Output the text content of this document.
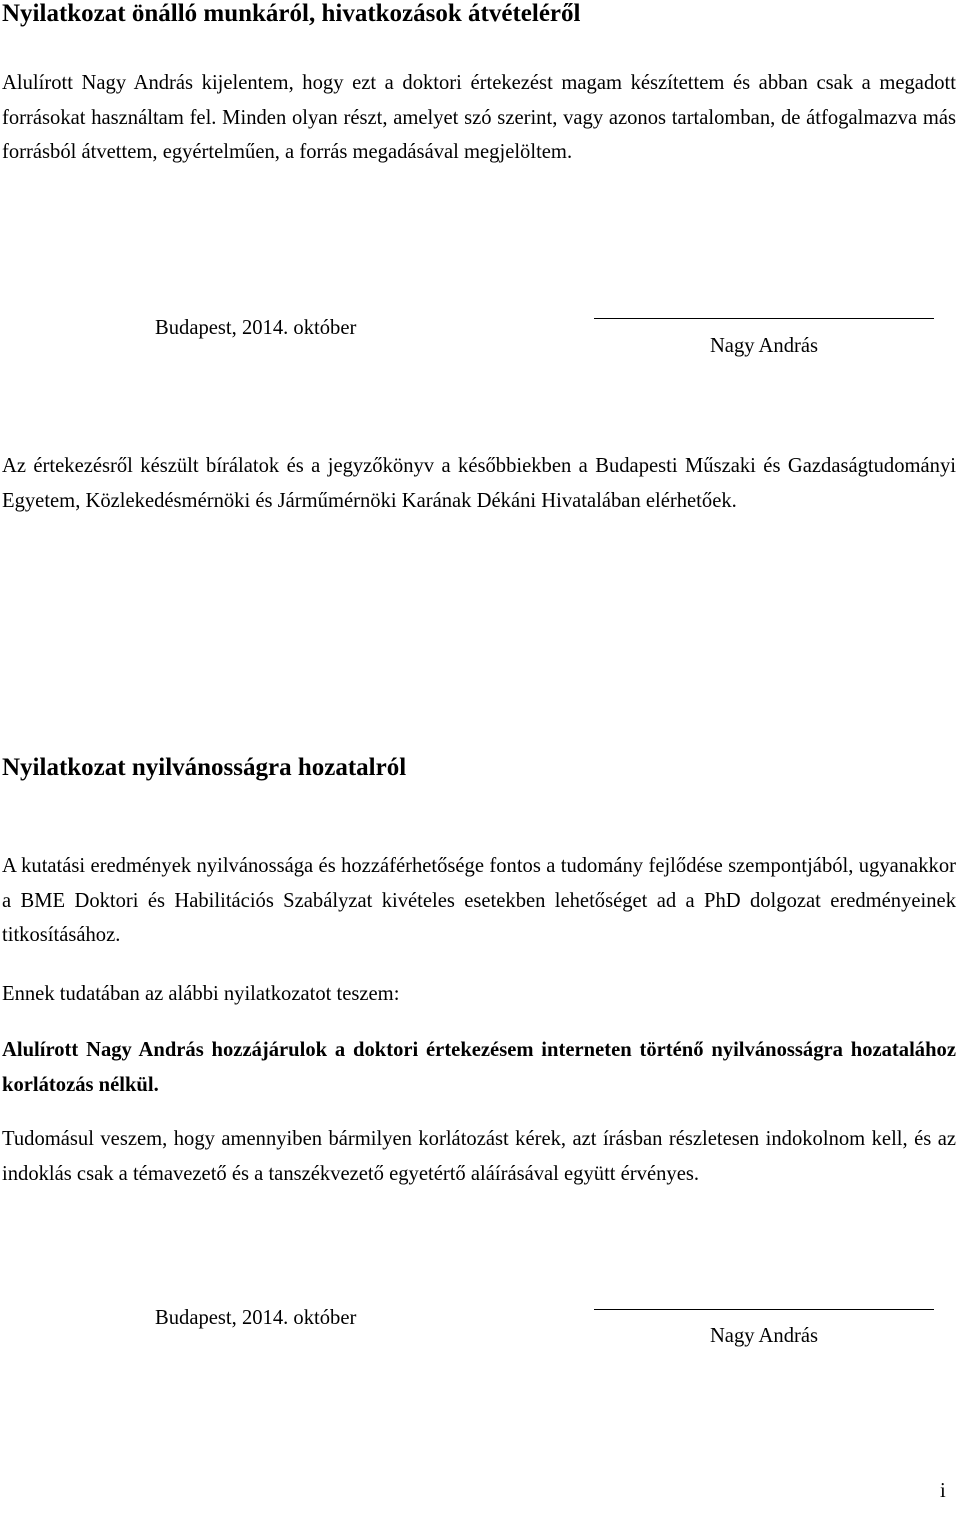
Nyilatkozat önálló munkáról, hivatkozások átvételéről

Alulírott Nagy András kijelentem, hogy ezt a doktori értekezést magam készítettem és abban csak a megadott forrásokat használtam fel. Minden olyan részt, amelyet szó szerint, vagy azonos tartalomban, de átfogalmazva más forrásból átvettem, egyértelműen, a forrás megadásával megjelöltem.

Budapest, 2014. október

Nagy András

Az értekezésről készült bírálatok és a jegyzőkönyv a későbbiekben a Budapesti Műszaki és Gazdaságtudományi Egyetem, Közlekedésmérnöki és Járműmérnöki Karának Dékáni Hivatalában elérhetőek.

Nyilatkozat nyilvánosságra hozatalról

A kutatási eredmények nyilvánossága és hozzáférhetősége fontos a tudomány fejlődése szempontjából, ugyanakkor a BME Doktori és Habilitációs Szabályzat kivételes esetekben lehetőséget ad a PhD dolgozat eredményeinek titkosításához.

Ennek tudatában az alábbi nyilatkozatot teszem:

Alulírott Nagy András hozzájárulok a doktori értekezésem interneten történő nyilvánosságra hozatalához korlátozás nélkül.

Tudomásul veszem, hogy amennyiben bármilyen korlátozást kérek, azt írásban részletesen indokolnom kell, és az indoklás csak a témavezető és a tanszékvezető egyetértő aláírásával együtt érvényes.

Budapest, 2014. október

Nagy András

i
